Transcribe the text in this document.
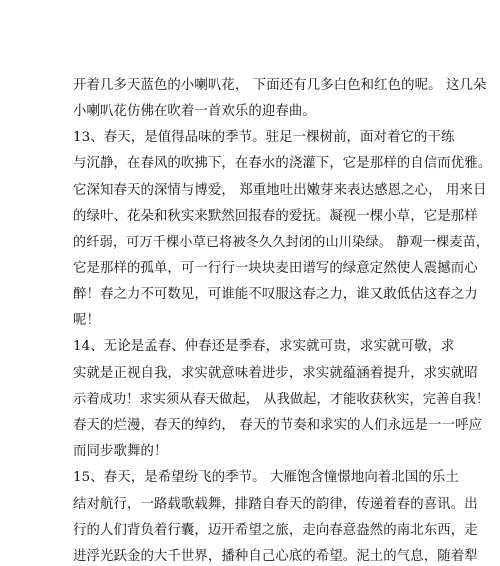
开着几多天蓝色的小喇叭花， 下面还有几多白色和红色的呢。 这几朵
小喇叭花仿佛在吹着一首欢乐的迎春曲。
13、春天，是值得品味的季节。驻足一棵树前，面对着它的干练
与沉静，在春风的吹拂下，在春水的浇灌下，它是那样的自信而优雅。
它深知春天的深情与博爱， 郑重地吐出嫩芽来表达感恩之心， 用来日
的绿叶、花朵和秋实来默然回报春的爱抚。凝视一棵小草，它是那样
的纤弱，可万千棵小草已将被冬久久封闭的山川染绿。 静观一棵麦苗，
它是那样的孤单，可一行行一块块麦田谱写的绿意定然使人震撼而心
醉！春之力不可数见，可谁能不叹服这春之力，谁又敢低估这春之力
呢！
14、无论是孟春、仲春还是季春，求实就可贵，求实就可敬，求
实就是正视自我，求实就意味着进步，求实就蕴涵着提升，求实就昭
示着成功！求实须从春天做起， 从我做起，才能收获秋实，完善自我！
春天的烂漫，春天的绰约， 春天的节奏和求实的人们永远是一一呼应
而同步歌舞的！
15、春天，是希望纷飞的季节。 大雁饱含憧憬地向着北国的乐土
结对航行，一路载歌载舞，排踏自春天的韵律，传递着春的喜讯。出
行的人们背负着行囊，迈开希望之旅，走向春意盎然的南北东西，走
进浮光跃金的大千世界，播种自己心底的希望。泥土的气息，随着犁
